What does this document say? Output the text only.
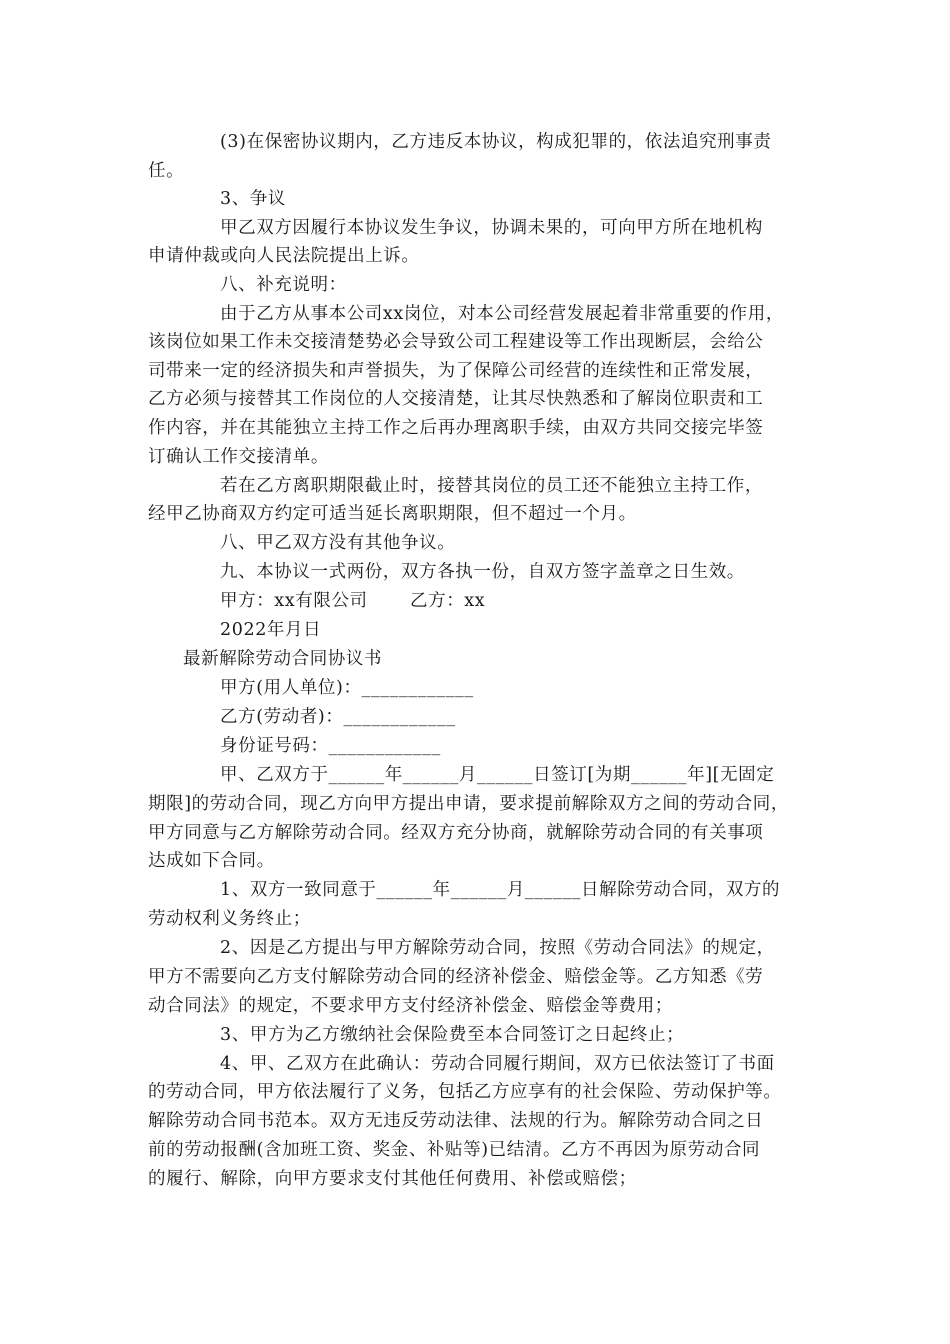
(3)在保密协议期内，乙方违反本协议，构成犯罪的，依法追究刑事责
任。
3、争议
甲乙双方因履行本协议发生争议，协调未果的，可向甲方所在地机构
申请仲裁或向人民法院提出上诉。
八、补充说明：
由于乙方从事本公司xx岗位，对本公司经营发展起着非常重要的作用，
该岗位如果工作未交接清楚势必会导致公司工程建设等工作出现断层，会给公
司带来一定的经济损失和声誉损失，为了保障公司经营的连续性和正常发展，
乙方必须与接替其工作岗位的人交接清楚，让其尽快熟悉和了解岗位职责和工
作内容，并在其能独立主持工作之后再办理离职手续，由双方共同交接完毕签
订确认工作交接清单。
若在乙方离职期限截止时，接替其岗位的员工还不能独立主持工作，
经甲乙协商双方约定可适当延长离职期限，但不超过一个月。
八、甲乙双方没有其他争议。
九、本协议一式两份，双方各执一份，自双方签字盖章之日生效。
甲方：xx有限公司　　 乙方：xx
2022年月日
最新解除劳动合同协议书
甲方(用人单位)：____________
乙方(劳动者)：____________
身份证号码：____________
甲、乙双方于______年______月______日签订[为期______年][无固定
期限]的劳动合同，现乙方向甲方提出申请，要求提前解除双方之间的劳动合同，
甲方同意与乙方解除劳动合同。经双方充分协商，就解除劳动合同的有关事项
达成如下合同。
1、双方一致同意于______年______月______日解除劳动合同，双方的
劳动权利义务终止；
2、因是乙方提出与甲方解除劳动合同，按照《劳动合同法》的规定，
甲方不需要向乙方支付解除劳动合同的经济补偿金、赔偿金等。乙方知悉《劳
动合同法》的规定，不要求甲方支付经济补偿金、赔偿金等费用；
3、甲方为乙方缴纳社会保险费至本合同签订之日起终止；
4、甲、乙双方在此确认：劳动合同履行期间，双方已依法签订了书面
的劳动合同，甲方依法履行了义务，包括乙方应享有的社会保险、劳动保护等。
解除劳动合同书范本。双方无违反劳动法律、法规的行为。解除劳动合同之日
前的劳动报酬(含加班工资、奖金、补贴等)已结清。乙方不再因为原劳动合同
的履行、解除，向甲方要求支付其他任何费用、补偿或赔偿；
